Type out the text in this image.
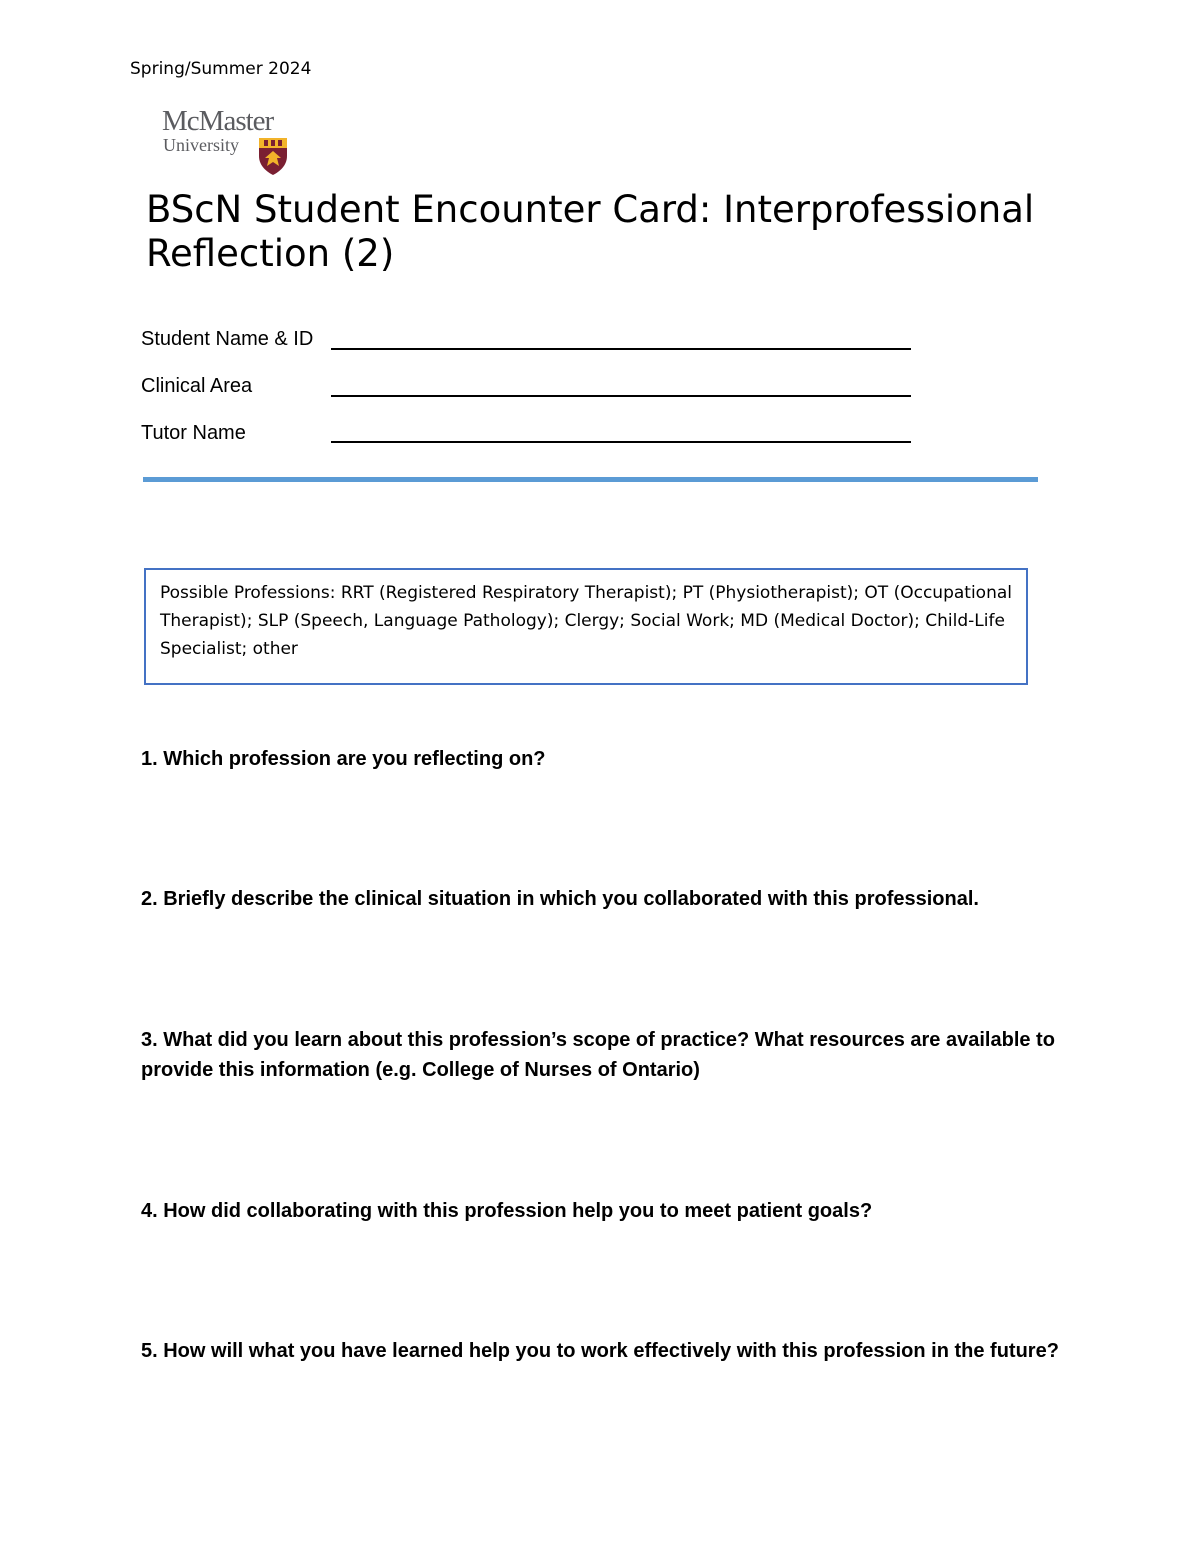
Spring/Summer 2024
McMaster
University
BScN Student Encounter Card: Interprofessional Reflection (2)
Student Name & ID
Clinical Area
Tutor Name
Possible Professions: RRT (Registered Respiratory Therapist); PT (Physiotherapist); OT (Occupational Therapist); SLP (Speech, Language Pathology); Clergy; Social Work; MD (Medical Doctor); Child-Life Specialist; other
1. Which profession are you reflecting on?
2. Briefly describe the clinical situation in which you collaborated with this professional.
3. What did you learn about this profession’s scope of practice? What resources are available to provide this information (e.g. College of Nurses of Ontario)
4. How did collaborating with this profession help you to meet patient goals?
5. How will what you have learned help you to work effectively with this profession in the future?
